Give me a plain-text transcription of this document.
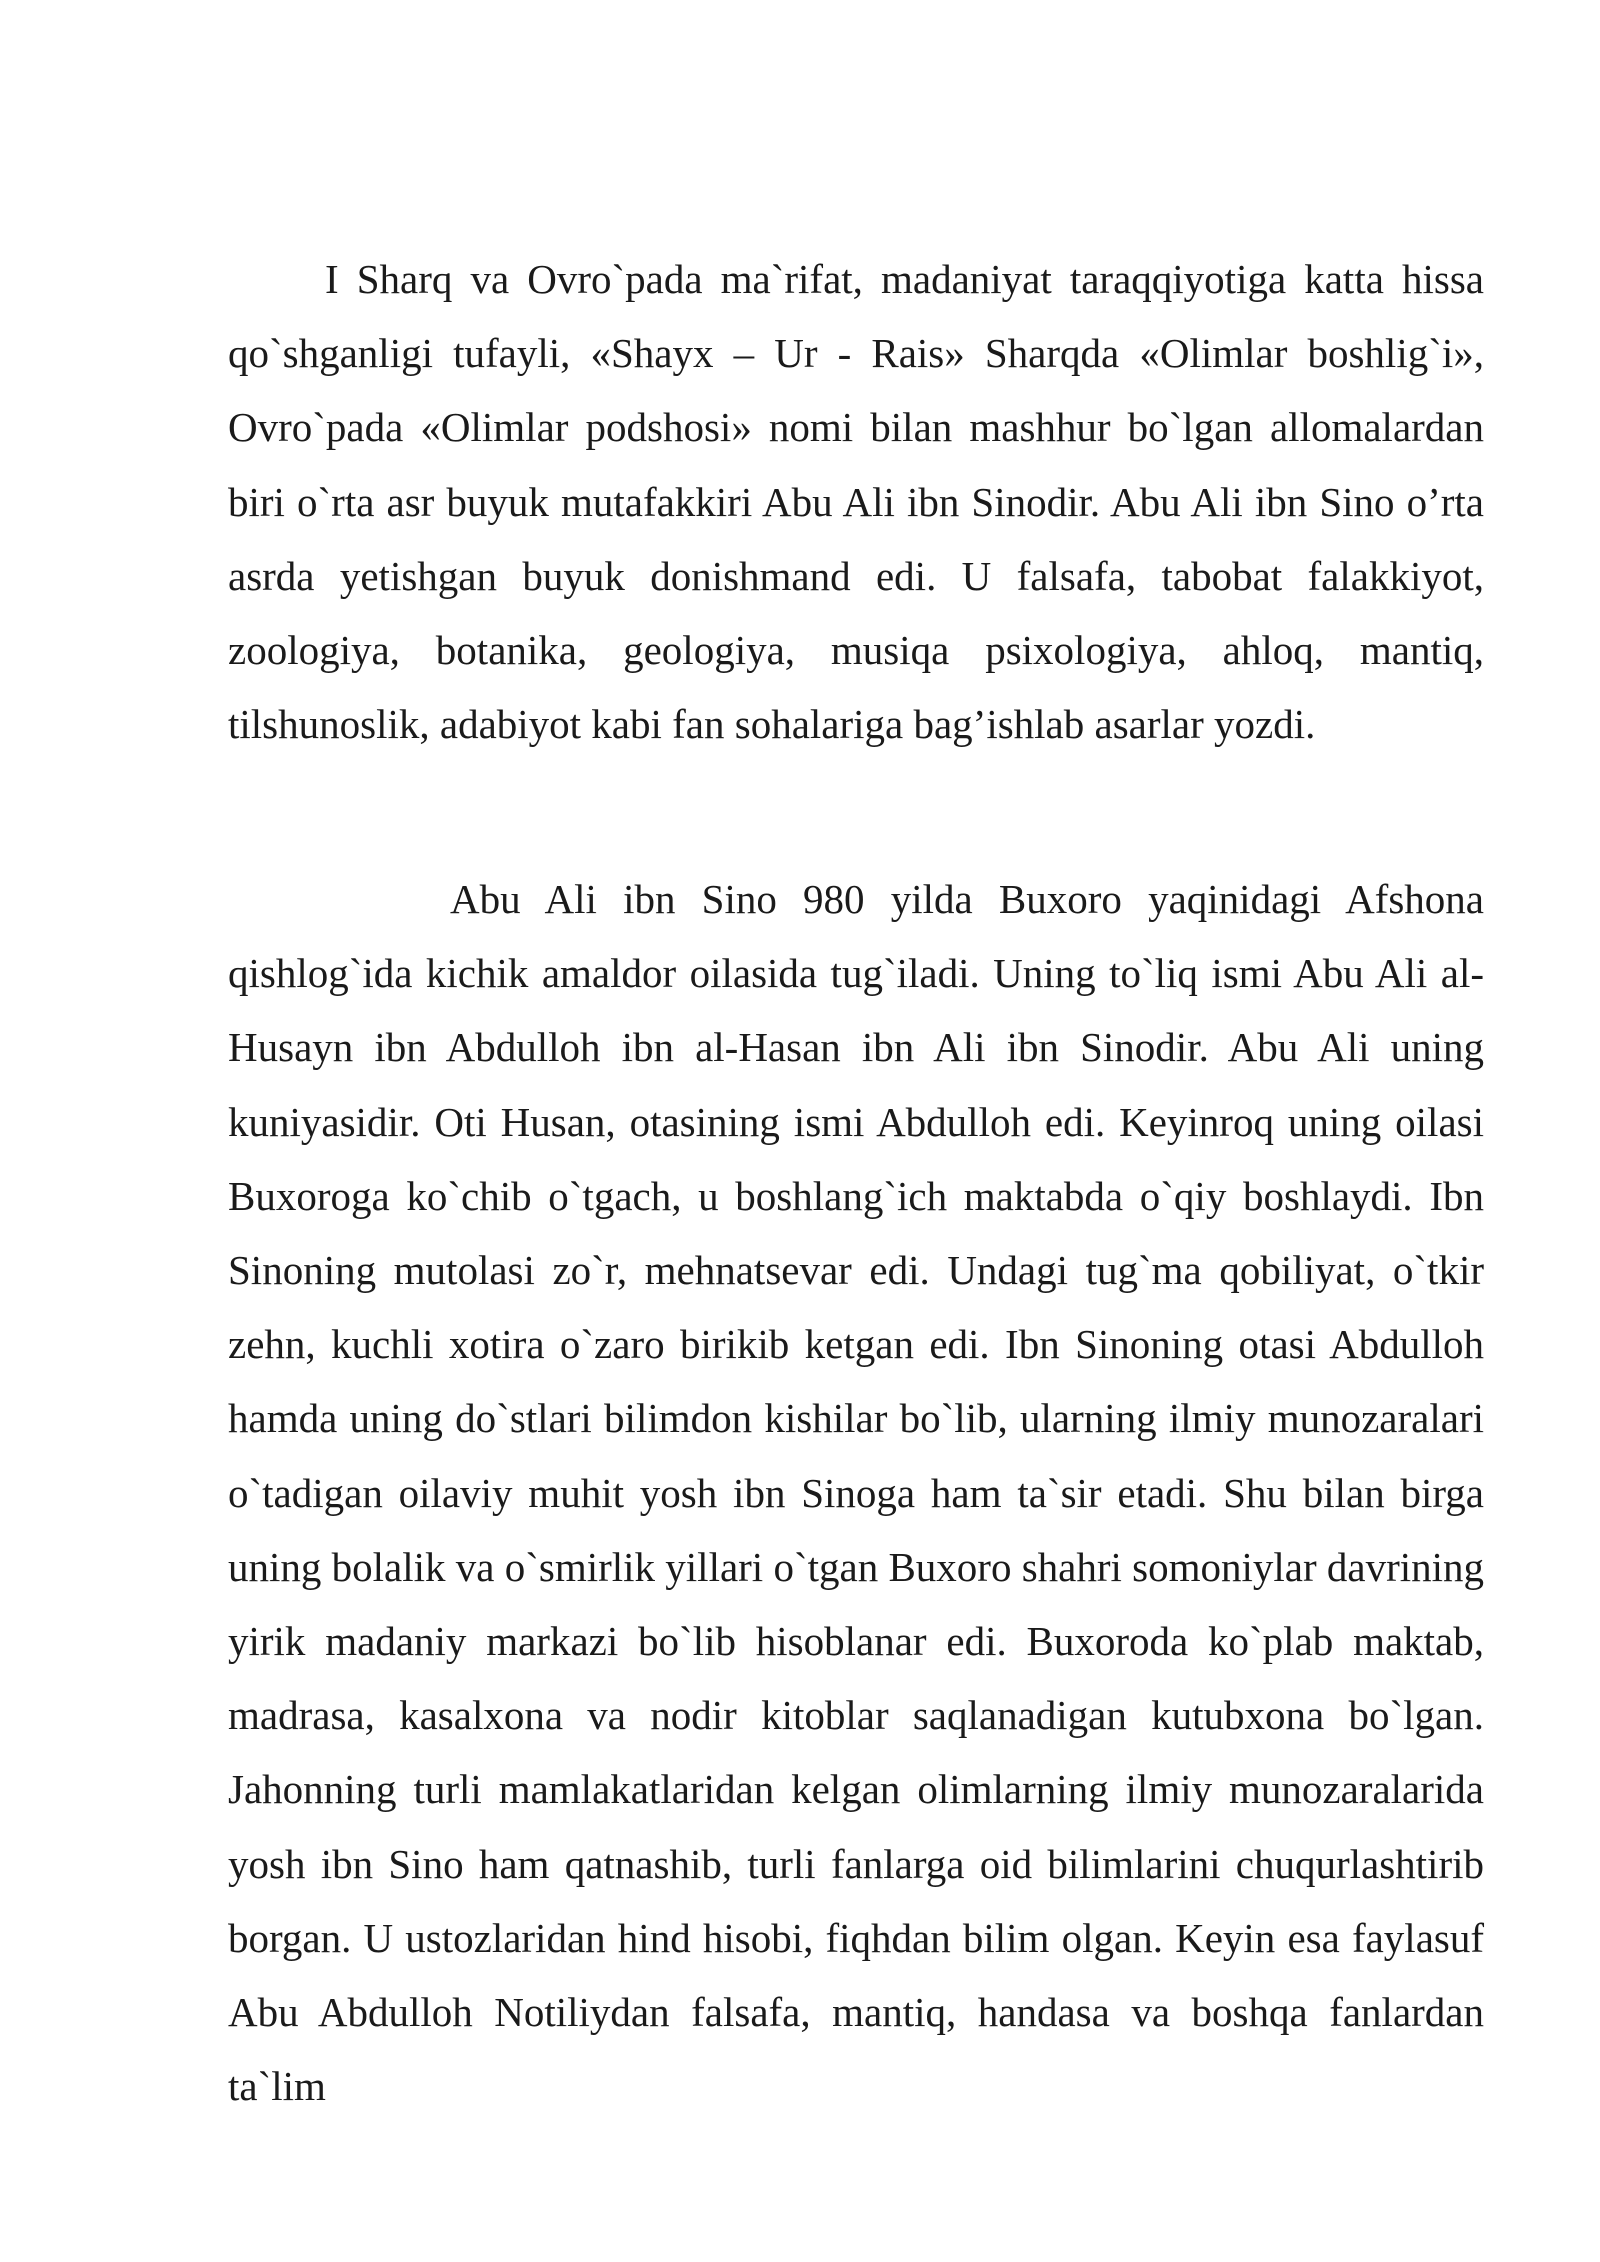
I Sharq va Ovro`pada ma`rifat, madaniyat taraqqiyotiga katta hissa qo`shganligi tufayli, «Shayx – Ur - Rais» Sharqda «Olimlar boshlig`i», Ovro`pada «Olimlar podshosi» nomi bilan mashhur bo`lgan allomalardan biri o`rta asr buyuk mutafakkiri Abu Ali ibn Sinodir. Abu Ali ibn Sino o’rta asrda yetishgan buyuk donishmand edi. U falsafa, tabobat falakkiyot, zoologiya, botanika, geologiya, musiqa psixologiya, ahloq, mantiq, tilshunoslik, adabiyot kabi fan sohalariga bag’ishlab asarlar yozdi.

Abu Ali ibn Sino 980 yilda Buxoro yaqinidagi Afshona qishlog`ida kichik amaldor oilasida tug`iladi. Uning to`liq ismi Abu Ali al-Husayn ibn Abdulloh ibn al-Hasan ibn Ali ibn Sinodir. Abu Ali uning kuniyasidir. Oti Husan, otasining ismi Abdulloh edi. Keyinroq uning oilasi Buxoroga ko`chib o`tgach, u boshlang`ich maktabda o`qiy boshlaydi. Ibn Sinoning mutolasi zo`r, mehnatsevar edi. Undagi tug`ma qobiliyat, o`tkir zehn, kuchli xotira o`zaro birikib ketgan edi. Ibn Sinoning otasi Abdulloh hamda uning do`stlari bilimdon kishilar bo`lib, ularning ilmiy munozaralari o`tadigan oilaviy muhit yosh ibn Sinoga ham ta`sir etadi. Shu bilan birga uning bolalik va o`smirlik yillari o`tgan Buxoro shahri somoniylar davrining yirik madaniy markazi bo`lib hisoblanar edi. Buxoroda ko`plab maktab, madrasa, kasalxona va nodir kitoblar saqlanadigan kutubxona bo`lgan. Jahonning turli mamlakatlaridan kelgan olimlarning ilmiy munozaralarida yosh ibn Sino ham qatnashib, turli fanlarga oid bilimlarini chuqurlashtirib borgan. U ustozlaridan hind hisobi, fiqhdan bilim olgan. Keyin esa faylasuf Abu Abdulloh Notiliydan falsafa, mantiq, handasa va boshqa fanlardan ta`lim
